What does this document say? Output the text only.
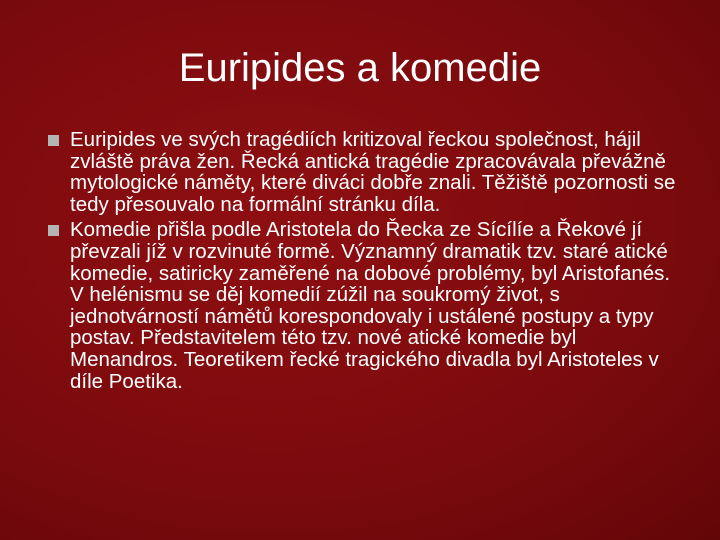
Euripides a komedie
Euripides ve svých tragédiích kritizoval řeckou společnost, hájil zvláště práva žen. Řecká antická tragédie zpracovávala převážně mytologické náměty, které diváci dobře znali. Těžiště pozornosti se tedy přesouvalo na formální stránku díla.
Komedie přišla podle Aristotela do Řecka ze Sícílíe a Řekové jí převzali jíž v rozvinuté formě. Významný dramatik tzv. staré atické komedie, satiricky zaměřené na dobové problémy, byl Aristofanés. V helénismu se děj komedií zúžil na soukromý život, s jednotvárností námětů korespondovaly i ustálené postupy a typy postav. Představitelem této tzv. nové atické komedie byl Menandros. Teoretikem řecké tragického divadla byl Aristoteles v díle Poetika.
